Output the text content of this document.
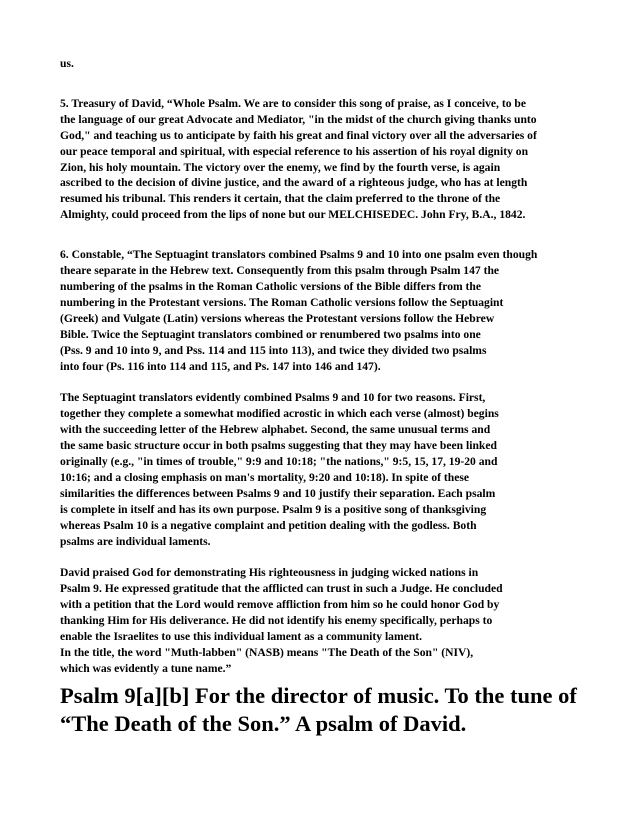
us.

5. Treasury of David, “Whole Psalm. We are to consider this song of praise, as I conceive, to be
the language of our great Advocate and Mediator, "in the midst of the church giving thanks unto
God," and teaching us to anticipate by faith his great and final victory over all the adversaries of
our peace temporal and spiritual, with especial reference to his assertion of his royal dignity on
Zion, his holy mountain. The victory over the enemy, we find by the fourth verse, is again
ascribed to the decision of divine justice, and the award of a righteous judge, who has at length
resumed his tribunal. This renders it certain, that the claim preferred to the throne of the
Almighty, could proceed from the lips of none but our MELCHISEDEC. John Fry, B.A., 1842.

6. Constable, “The Septuagint translators combined Psalms 9 and 10 into one psalm even though
theare separate in the Hebrew text. Consequently from this psalm through Psalm 147 the
numbering of the psalms in the Roman Catholic versions of the Bible differs from the
numbering in the Protestant versions. The Roman Catholic versions follow the Septuagint
(Greek) and Vulgate (Latin) versions whereas the Protestant versions follow the Hebrew
Bible. Twice the Septuagint translators combined or renumbered two psalms into one
(Pss. 9 and 10 into 9, and Pss. 114 and 115 into 113), and twice they divided two psalms
into four (Ps. 116 into 114 and 115, and Ps. 147 into 146 and 147).

The Septuagint translators evidently combined Psalms 9 and 10 for two reasons. First,
together they complete a somewhat modified acrostic in which each verse (almost) begins
with the succeeding letter of the Hebrew alphabet. Second, the same unusual terms and
the same basic structure occur in both psalms suggesting that they may have been linked
originally (e.g., "in times of trouble," 9:9 and 10:18; "the nations," 9:5, 15, 17, 19-20 and
10:16; and a closing emphasis on man's mortality, 9:20 and 10:18). In spite of these
similarities the differences between Psalms 9 and 10 justify their separation. Each psalm
is complete in itself and has its own purpose. Psalm 9 is a positive song of thanksgiving
whereas Psalm 10 is a negative complaint and petition dealing with the godless. Both
psalms are individual laments.

David praised God for demonstrating His righteousness in judging wicked nations in
Psalm 9. He expressed gratitude that the afflicted can trust in such a Judge. He concluded
with a petition that the Lord would remove affliction from him so he could honor God by
thanking Him for His deliverance. He did not identify his enemy specifically, perhaps to
enable the Israelites to use this individual lament as a community lament.
In the title, the word "Muth-labben" (NASB) means "The Death of the Son" (NIV),
which was evidently a tune name.”

Psalm 9[a][b] For the director of music. To the tune of
“The Death of the Son.” A psalm of David.
